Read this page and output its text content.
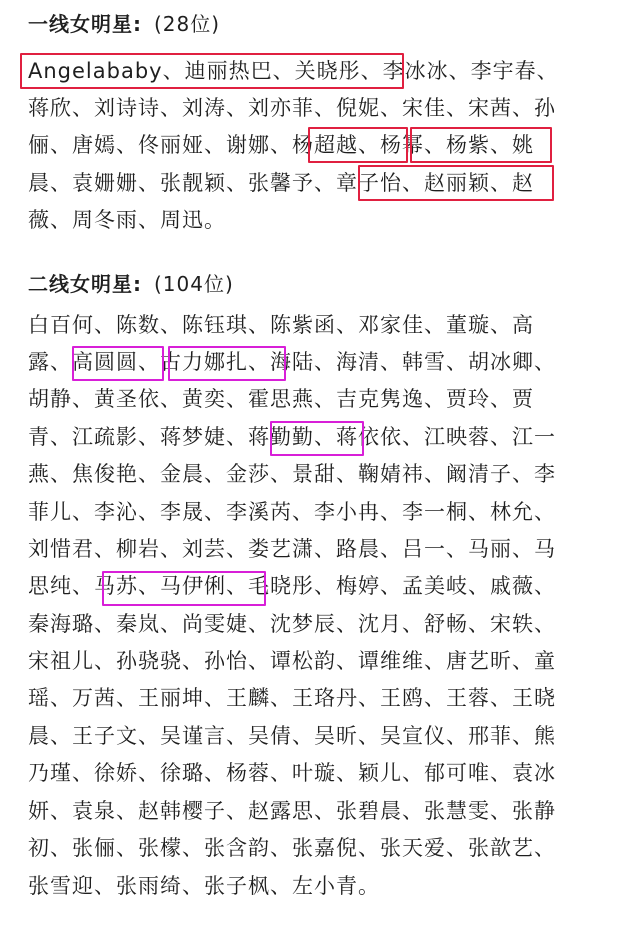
一线女明星: (28位)
Angelababy、迪丽热巴、关晓彤、李冰冰、李宇春、
蒋欣、刘诗诗、刘涛、刘亦菲、倪妮、宋佳、宋茜、孙
俪、唐嫣、佟丽娅、谢娜、杨超越、杨幂、杨紫、姚
晨、袁姗姗、张靓颖、张馨予、章子怡、赵丽颖、赵
薇、周冬雨、周迅。
二线女明星: (104位)
白百何、陈数、陈钰琪、陈紫函、邓家佳、董璇、高
露、高圆圆、古力娜扎、海陆、海清、韩雪、胡冰卿、
胡静、黄圣依、黄奕、霍思燕、吉克隽逸、贾玲、贾
青、江疏影、蒋梦婕、蒋勤勤、蒋依依、江映蓉、江一
燕、焦俊艳、金晨、金莎、景甜、鞠婧祎、阚清子、李
菲儿、李沁、李晟、李溪芮、李小冉、李一桐、林允、
刘惜君、柳岩、刘芸、娄艺潇、路晨、吕一、马丽、马
思纯、马苏、马伊俐、毛晓彤、梅婷、孟美岐、戚薇、
秦海璐、秦岚、尚雯婕、沈梦辰、沈月、舒畅、宋轶、
宋祖儿、孙骁骁、孙怡、谭松韵、谭维维、唐艺昕、童
瑶、万茜、王丽坤、王麟、王珞丹、王鸥、王蓉、王晓
晨、王子文、吴谨言、吴倩、吴昕、吴宣仪、邢菲、熊
乃瑾、徐娇、徐璐、杨蓉、叶璇、颖儿、郁可唯、袁冰
妍、袁泉、赵韩樱子、赵露思、张碧晨、张慧雯、张静
初、张俪、张檬、张含韵、张嘉倪、张天爱、张歆艺、
张雪迎、张雨绮、张子枫、左小青。
